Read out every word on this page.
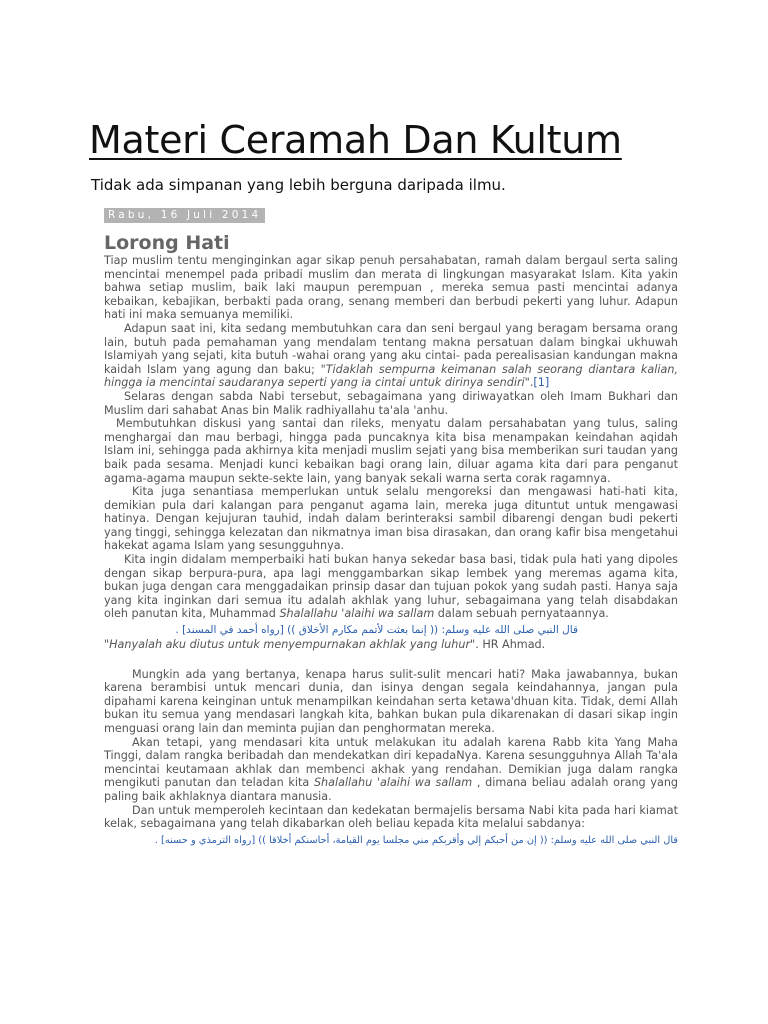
Materi Ceramah Dan Kultum
Tidak ada simpanan yang lebih berguna daripada ilmu.
Rabu, 16 Juli 2014
Lorong Hati

Tiap muslim tentu menginginkan agar sikap penuh persahabatan, ramah dalam bergaul serta saling mencintai menempel pada pribadi muslim dan merata di lingkungan masyarakat Islam. Kita yakin bahwa setiap muslim, baik laki maupun perempuan , mereka semua pasti mencintai adanya kebaikan, kebajikan, berbakti pada orang, senang memberi dan berbudi pekerti yang luhur. Adapun hati ini maka semuanya memiliki.

Adapun saat ini, kita sedang membutuhkan cara dan seni bergaul yang beragam bersama orang lain, butuh pada pemahaman yang mendalam tentang makna persatuan dalam bingkai ukhuwah Islamiyah yang sejati, kita butuh -wahai orang yang aku cintai- pada perealisasian kandungan makna kaidah Islam yang agung dan baku; "Tidaklah sempurna keimanan salah seorang diantara kalian, hingga ia mencintai saudaranya seperti yang ia cintai untuk dirinya sendiri".[1]

Selaras dengan sabda Nabi tersebut, sebagaimana yang diriwayatkan oleh Imam Bukhari dan Muslim dari sahabat Anas bin Malik radhiyallahu ta'ala 'anhu.

Membutuhkan diskusi yang santai dan rileks, menyatu dalam persahabatan yang tulus, saling menghargai dan mau berbagi, hingga pada puncaknya kita bisa menampakan keindahan aqidah Islam ini, sehingga pada akhirnya kita menjadi muslim sejati yang bisa memberikan suri taudan yang baik pada sesama. Menjadi kunci kebaikan bagi orang lain, diluar agama kita dari para penganut agama-agama maupun sekte-sekte lain, yang banyak sekali warna serta corak ragamnya.

Kita juga senantiasa memperlukan untuk selalu mengoreksi dan mengawasi hati-hati kita, demikian pula dari kalangan para penganut agama lain, mereka juga dituntut untuk mengawasi hatinya. Dengan kejujuran tauhid, indah dalam berinteraksi sambil dibarengi dengan budi pekerti yang tinggi, sehingga kelezatan dan nikmatnya iman bisa dirasakan, dan orang kafir bisa mengetahui hakekat agama Islam yang sesungguhnya.

Kita ingin didalam memperbaiki hati bukan hanya sekedar basa basi, tidak pula hati yang dipoles dengan sikap berpura-pura, apa lagi menggambarkan sikap lembek yang meremas agama kita, bukan juga dengan cara menggadaikan prinsip dasar dan tujuan pokok yang sudah pasti. Hanya saja yang kita inginkan dari semua itu adalah akhlak yang luhur, sebagaimana yang telah disabdakan oleh panutan kita, Muhammad Shalallahu 'alaihi wa sallam dalam sebuah pernyataannya.

قال النبي صلى الله عليه وسلم: (( إنما بعثت لأتمم مكارم الأخلاق )) [رواه أحمد في المسند] .

"Hanyalah aku diutus untuk menyempurnakan akhlak yang luhur". HR Ahmad.

Mungkin ada yang bertanya, kenapa harus sulit-sulit mencari hati? Maka jawabannya, bukan karena berambisi untuk mencari dunia, dan isinya dengan segala keindahannya, jangan pula dipahami karena keinginan untuk menampilkan keindahan serta ketawa'dhuan kita. Tidak, demi Allah bukan itu semua yang mendasari langkah kita, bahkan bukan pula dikarenakan di dasari sikap ingin menguasi orang lain dan meminta pujian dan penghormatan mereka.

Akan tetapi, yang mendasari kita untuk melakukan itu adalah karena Rabb kita Yang Maha Tinggi, dalam rangka beribadah dan mendekatkan diri kepadaNya. Karena sesungguhnya Allah Ta'ala mencintai keutamaan akhlak dan membenci akhak yang rendahan. Demikian juga dalam rangka mengikuti panutan dan teladan kita Shalallahu 'alaihi wa sallam , dimana beliau adalah orang yang paling baik akhlaknya diantara manusia.

Dan untuk memperoleh kecintaan dan kedekatan bermajelis bersama Nabi kita pada hari kiamat kelak, sebagaimana yang telah dikabarkan oleh beliau kepada kita melalui sabdanya:

قال النبي صلى الله عليه وسلم: (( إن من أحبكم إلي وأقربكم مني مجلسا يوم القيامة، أحاسنكم أخلاقا )) [رواه الترمذي و حسنه] .
